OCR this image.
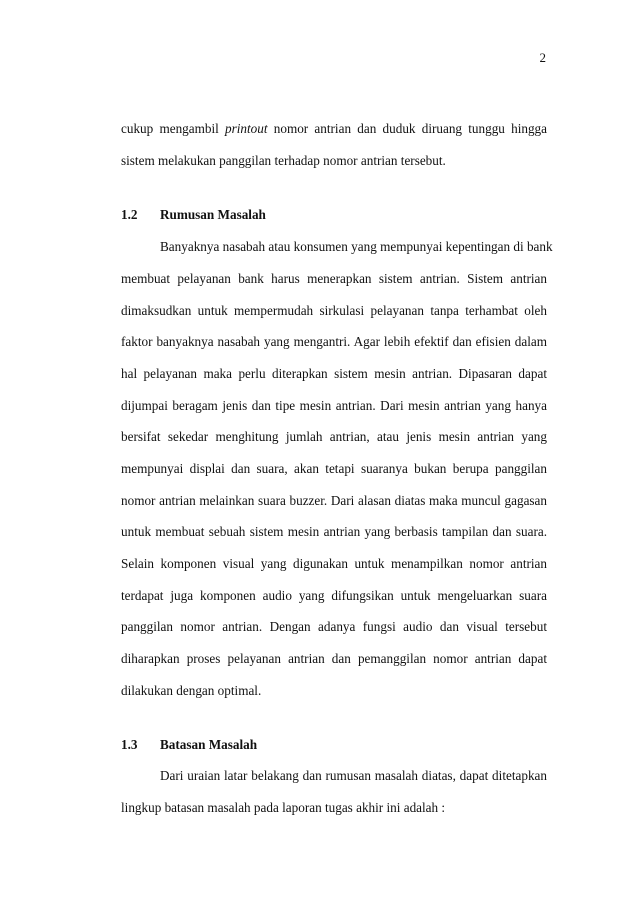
2
cukup mengambil printout nomor antrian dan duduk diruang tunggu hingga
sistem melakukan panggilan terhadap nomor antrian tersebut.
1.2 Rumusan Masalah
Banyaknya nasabah atau konsumen yang mempunyai kepentingan di bank
membuat pelayanan bank harus menerapkan sistem antrian. Sistem antrian
dimaksudkan untuk mempermudah sirkulasi pelayanan tanpa terhambat oleh
faktor banyaknya nasabah yang mengantri. Agar lebih efektif dan efisien dalam
hal pelayanan maka perlu diterapkan sistem mesin antrian. Dipasaran dapat
dijumpai beragam jenis dan tipe mesin antrian. Dari mesin antrian yang hanya
bersifat sekedar menghitung jumlah antrian, atau jenis mesin antrian yang
mempunyai displai dan suara, akan tetapi suaranya bukan berupa panggilan
nomor antrian melainkan suara buzzer. Dari alasan diatas maka muncul gagasan
untuk membuat sebuah sistem mesin antrian yang berbasis tampilan dan suara.
Selain komponen visual yang digunakan untuk menampilkan nomor antrian
terdapat juga komponen audio yang difungsikan untuk mengeluarkan suara
panggilan nomor antrian. Dengan adanya fungsi audio dan visual tersebut
diharapkan proses pelayanan antrian dan pemanggilan nomor antrian dapat
dilakukan dengan optimal.
1.3 Batasan Masalah
Dari uraian latar belakang dan rumusan masalah diatas, dapat ditetapkan
lingkup batasan masalah pada laporan tugas akhir ini adalah :
